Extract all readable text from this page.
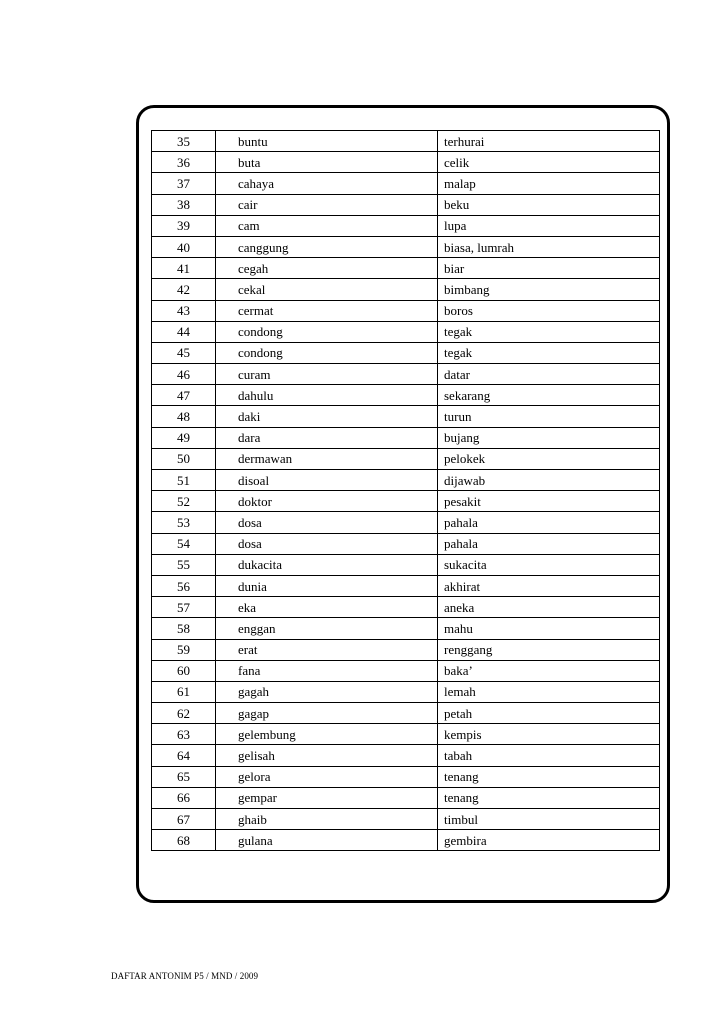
35	buntu	terhurai
36	buta	celik
37	cahaya	malap
38	cair	beku
39	cam	lupa
40	canggung	biasa, lumrah
41	cegah	biar
42	cekal	bimbang
43	cermat	boros
44	condong	tegak
45	condong	tegak
46	curam	datar
47	dahulu	sekarang
48	daki	turun
49	dara	bujang
50	dermawan	pelokek
51	disoal	dijawab
52	doktor	pesakit
53	dosa	pahala
54	dosa	pahala
55	dukacita	sukacita
56	dunia	akhirat
57	eka	aneka
58	enggan	mahu
59	erat	renggang
60	fana	baka’
61	gagah	lemah
62	gagap	petah
63	gelembung	kempis
64	gelisah	tabah
65	gelora	tenang
66	gempar	tenang
67	ghaib	timbul
68	gulana	gembira
DAFTAR ANTONIM P5 / MND / 2009
